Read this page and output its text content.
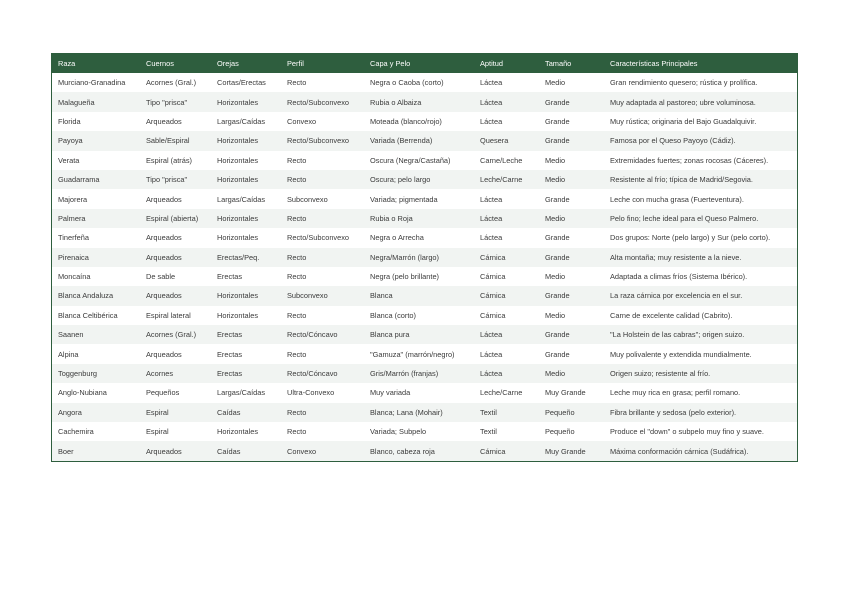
Raza	Cuernos	Orejas	Perfil	Capa y Pelo	Aptitud	Tamaño	Características Principales
Murciano-Granadina	Acornes (Gral.)	Cortas/Erectas	Recto	Negra o Caoba (corto)	Láctea	Medio	Gran rendimiento quesero; rústica y prolífica.
Malagueña	Tipo "prisca"	Horizontales	Recto/Subconvexo	Rubia o Albaiza	Láctea	Grande	Muy adaptada al pastoreo; ubre voluminosa.
Florida	Arqueados	Largas/Caídas	Convexo	Moteada (blanco/rojo)	Láctea	Grande	Muy rústica; originaria del Bajo Guadalquivir.
Payoya	Sable/Espiral	Horizontales	Recto/Subconvexo	Variada (Berrenda)	Quesera	Grande	Famosa por el Queso Payoyo (Cádiz).
Verata	Espiral (atrás)	Horizontales	Recto	Oscura (Negra/Castaña)	Carne/Leche	Medio	Extremidades fuertes; zonas rocosas (Cáceres).
Guadarrama	Tipo "prisca"	Horizontales	Recto	Oscura; pelo largo	Leche/Carne	Medio	Resistente al frío; típica de Madrid/Segovia.
Majorera	Arqueados	Largas/Caídas	Subconvexo	Variada; pigmentada	Láctea	Grande	Leche con mucha grasa (Fuerteventura).
Palmera	Espiral (abierta)	Horizontales	Recto	Rubia o Roja	Láctea	Medio	Pelo fino; leche ideal para el Queso Palmero.
Tinerfeña	Arqueados	Horizontales	Recto/Subconvexo	Negra o Arrecha	Láctea	Grande	Dos grupos: Norte (pelo largo) y Sur (pelo corto).
Pirenaica	Arqueados	Erectas/Peq.	Recto	Negra/Marrón (largo)	Cárnica	Grande	Alta montaña; muy resistente a la nieve.
Moncaína	De sable	Erectas	Recto	Negra (pelo brillante)	Cárnica	Medio	Adaptada a climas fríos (Sistema Ibérico).
Blanca Andaluza	Arqueados	Horizontales	Subconvexo	Blanca	Cárnica	Grande	La raza cárnica por excelencia en el sur.
Blanca Celtibérica	Espiral lateral	Horizontales	Recto	Blanca (corto)	Cárnica	Medio	Carne de excelente calidad (Cabrito).
Saanen	Acornes (Gral.)	Erectas	Recto/Cóncavo	Blanca pura	Láctea	Grande	"La Holstein de las cabras"; origen suizo.
Alpina	Arqueados	Erectas	Recto	"Gamuza" (marrón/negro)	Láctea	Grande	Muy polivalente y extendida mundialmente.
Toggenburg	Acornes	Erectas	Recto/Cóncavo	Gris/Marrón (franjas)	Láctea	Medio	Origen suizo; resistente al frío.
Anglo-Nubiana	Pequeños	Largas/Caídas	Ultra-Convexo	Muy variada	Leche/Carne	Muy Grande	Leche muy rica en grasa; perfil romano.
Angora	Espiral	Caídas	Recto	Blanca; Lana (Mohair)	Textil	Pequeño	Fibra brillante y sedosa (pelo exterior).
Cachemira	Espiral	Horizontales	Recto	Variada; Subpelo	Textil	Pequeño	Produce el "down" o subpelo muy fino y suave.
Boer	Arqueados	Caídas	Convexo	Blanco, cabeza roja	Cárnica	Muy Grande	Máxima conformación cárnica (Sudáfrica).
